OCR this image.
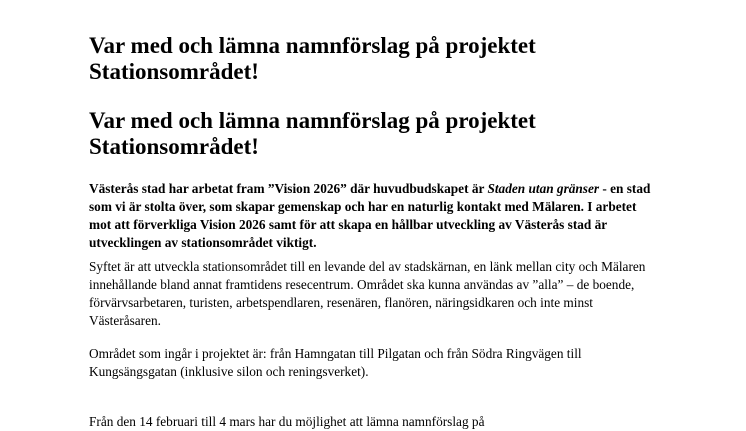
Var med och lämna namnförslag på projektet Stationsområdet!
Var med och lämna namnförslag på projektet Stationsområdet!

Västerås stad har arbetat fram ”Vision 2026” där huvudbudskapet är Staden utan gränser - en stad som vi är stolta över, som skapar gemenskap och har en naturlig kontakt med Mälaren. I arbetet mot att förverkliga Vision 2026 samt för att skapa en hållbar utveckling av Västerås stad är utvecklingen av stationsområdet viktigt.

Syftet är att utveckla stationsområdet till en levande del av stadskärnan, en länk mellan city och Mälaren innehållande bland annat framtidens resecentrum. Området ska kunna användas av ”alla” – de boende, förvärvsarbetaren, turisten, arbetspendlaren, resenären, flanören, näringsidkaren och inte minst Västeråsaren.

Området som ingår i projektet är: från Hamngatan till Pilgatan och från Södra Ringvägen till Kungsängsgatan (inklusive silon och reningsverket).

Från den 14 februari till 4 mars har du möjlighet att lämna namnförslag på
